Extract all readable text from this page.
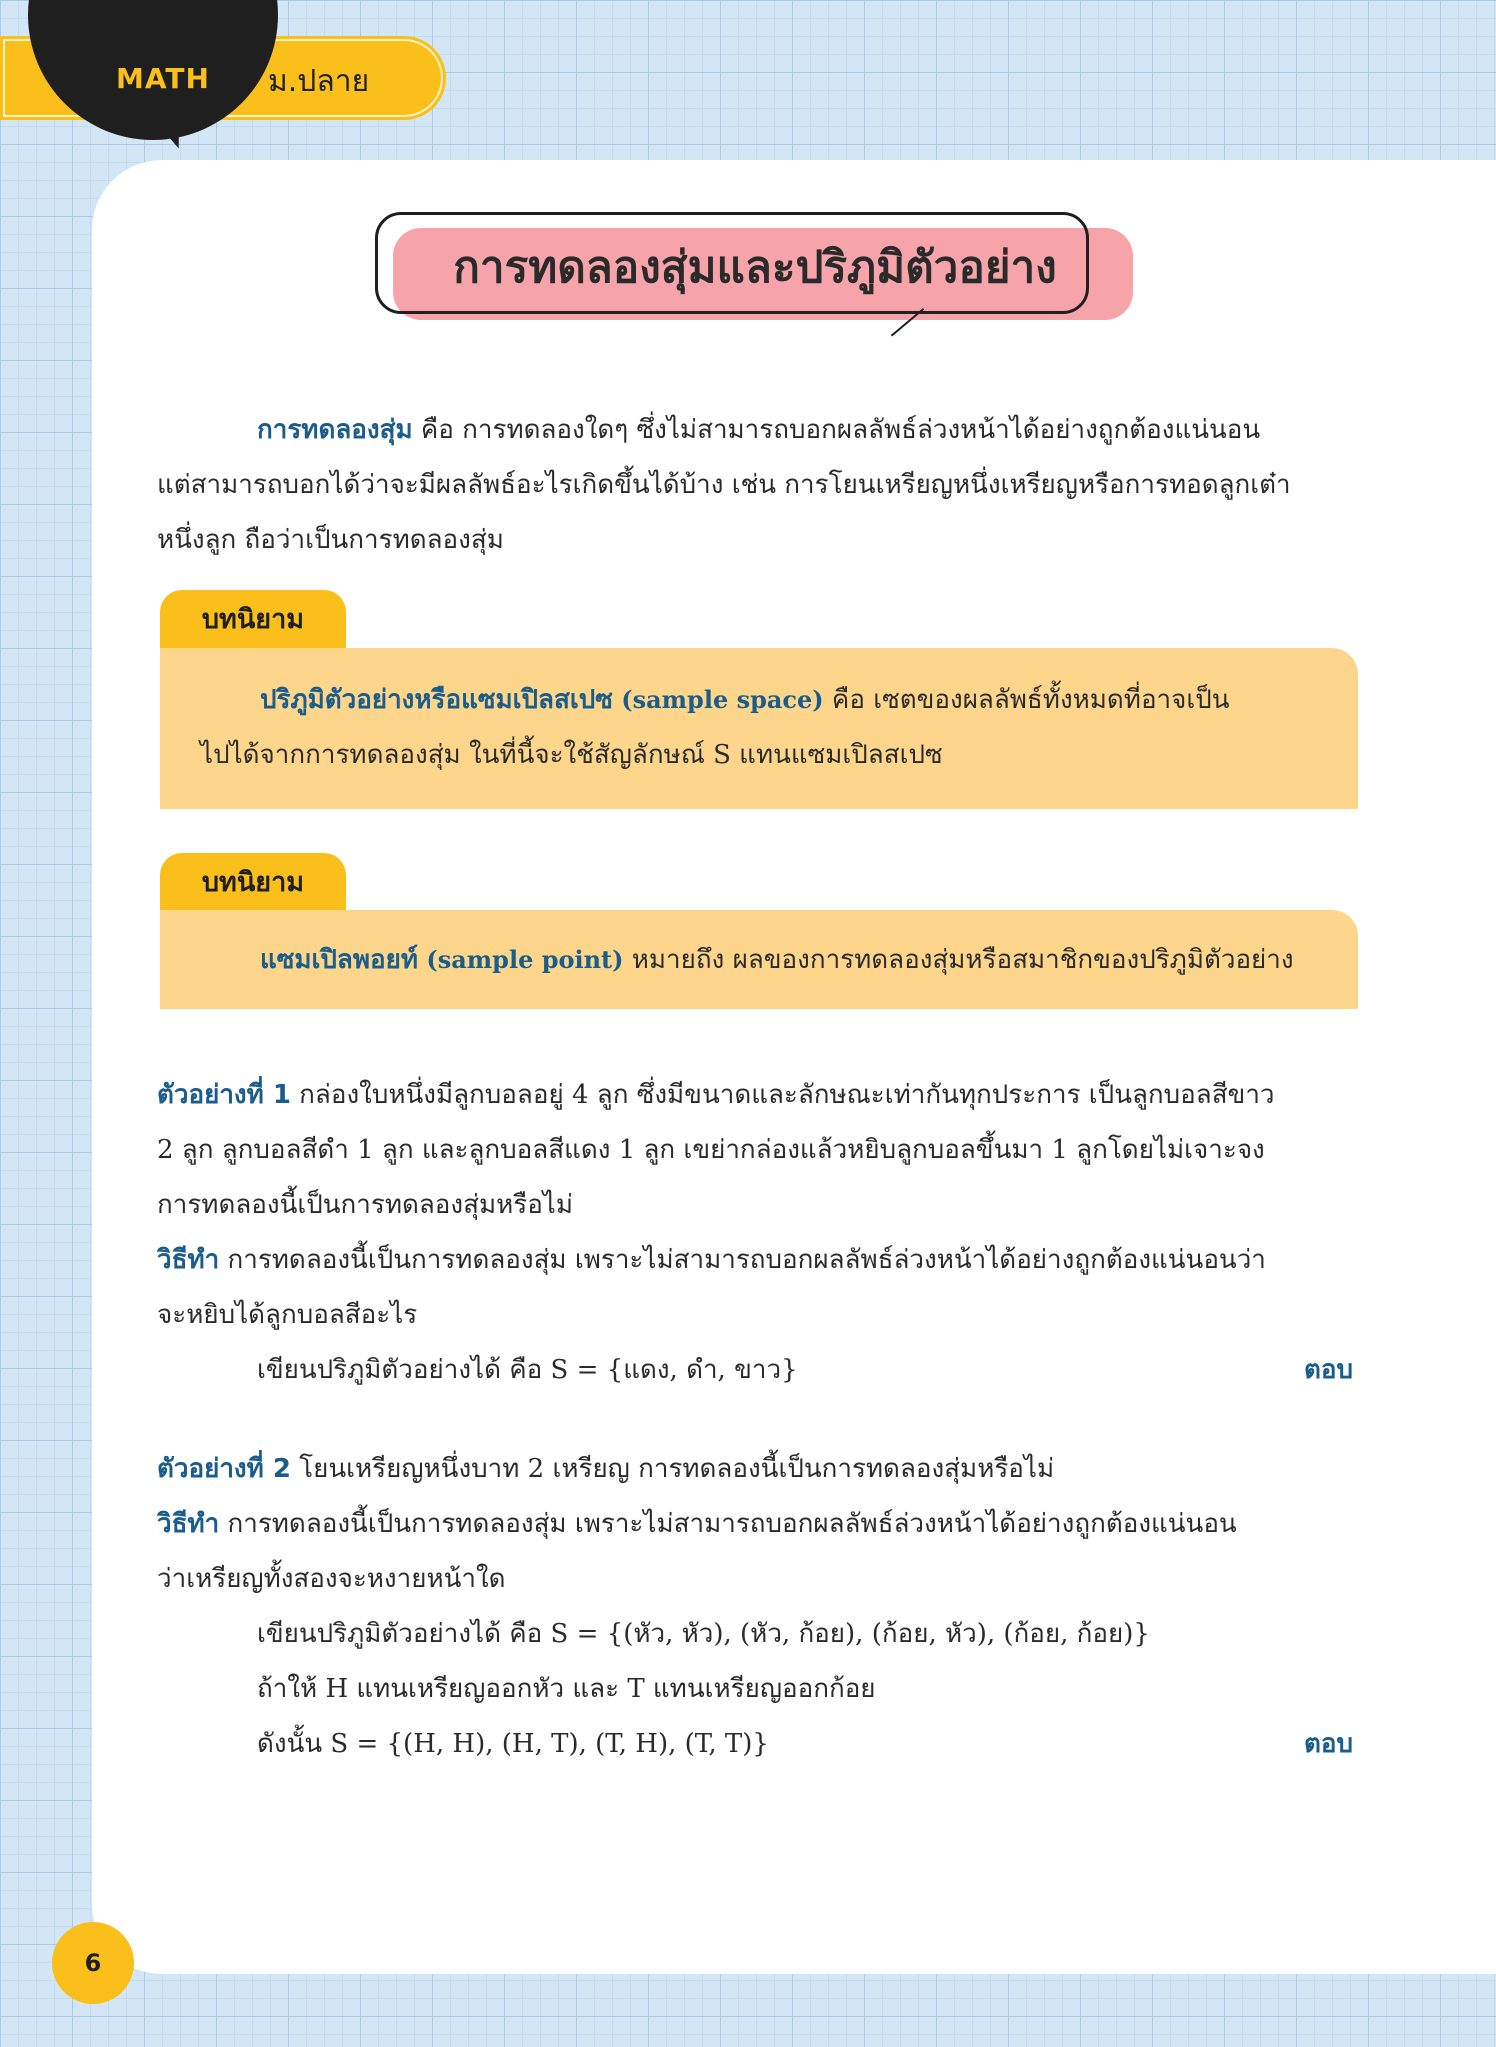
MATH ม.ปลาย
การทดลองสุ่มและปริภูมิตัวอย่าง

การทดลองสุ่ม คือ การทดลองใดๆ ซึ่งไม่สามารถบอกผลลัพธ์ล่วงหน้าได้อย่างถูกต้องแน่นอน

แต่สามารถบอกได้ว่าจะมีผลลัพธ์อะไรเกิดขึ้นได้บ้าง เช่น การโยนเหรียญหนึ่งเหรียญหรือการทอดลูกเต๋า

หนึ่งลูก ถือว่าเป็นการทดลองสุ่ม

บทนิยาม

ปริภูมิตัวอย่างหรือแซมเปิลสเปซ (sample space) คือ เซตของผลลัพธ์ทั้งหมดที่อาจเป็น

ไปได้จากการทดลองสุ่ม ในที่นี้จะใช้สัญลักษณ์ S แทนแซมเปิลสเปซ

บทนิยาม

แซมเปิลพอยท์ (sample point) หมายถึง ผลของการทดลองสุ่มหรือสมาชิกของปริภูมิตัวอย่าง

ตัวอย่างที่ 1 กล่องใบหนึ่งมีลูกบอลอยู่ 4 ลูก ซึ่งมีขนาดและลักษณะเท่ากันทุกประการ เป็นลูกบอลสีขาว

2 ลูก ลูกบอลสีดำ 1 ลูก และลูกบอลสีแดง 1 ลูก เขย่ากล่องแล้วหยิบลูกบอลขึ้นมา 1 ลูกโดยไม่เจาะจง

การทดลองนี้เป็นการทดลองสุ่มหรือไม่

วิธีทำ การทดลองนี้เป็นการทดลองสุ่ม เพราะไม่สามารถบอกผลลัพธ์ล่วงหน้าได้อย่างถูกต้องแน่นอนว่า

จะหยิบได้ลูกบอลสีอะไร

เขียนปริภูมิตัวอย่างได้ คือ S = {แดง, ดำ, ขาว}	ตอบ

ตัวอย่างที่ 2 โยนเหรียญหนึ่งบาท 2 เหรียญ การทดลองนี้เป็นการทดลองสุ่มหรือไม่

วิธีทำ การทดลองนี้เป็นการทดลองสุ่ม เพราะไม่สามารถบอกผลลัพธ์ล่วงหน้าได้อย่างถูกต้องแน่นอน

ว่าเหรียญทั้งสองจะหงายหน้าใด

เขียนปริภูมิตัวอย่างได้ คือ S = {(หัว, หัว), (หัว, ก้อย), (ก้อย, หัว), (ก้อย, ก้อย)}

ถ้าให้ H แทนเหรียญออกหัว และ T แทนเหรียญออกก้อย

ดังนั้น S = {(H, H), (H, T), (T, H), (T, T)}	ตอบ

6
